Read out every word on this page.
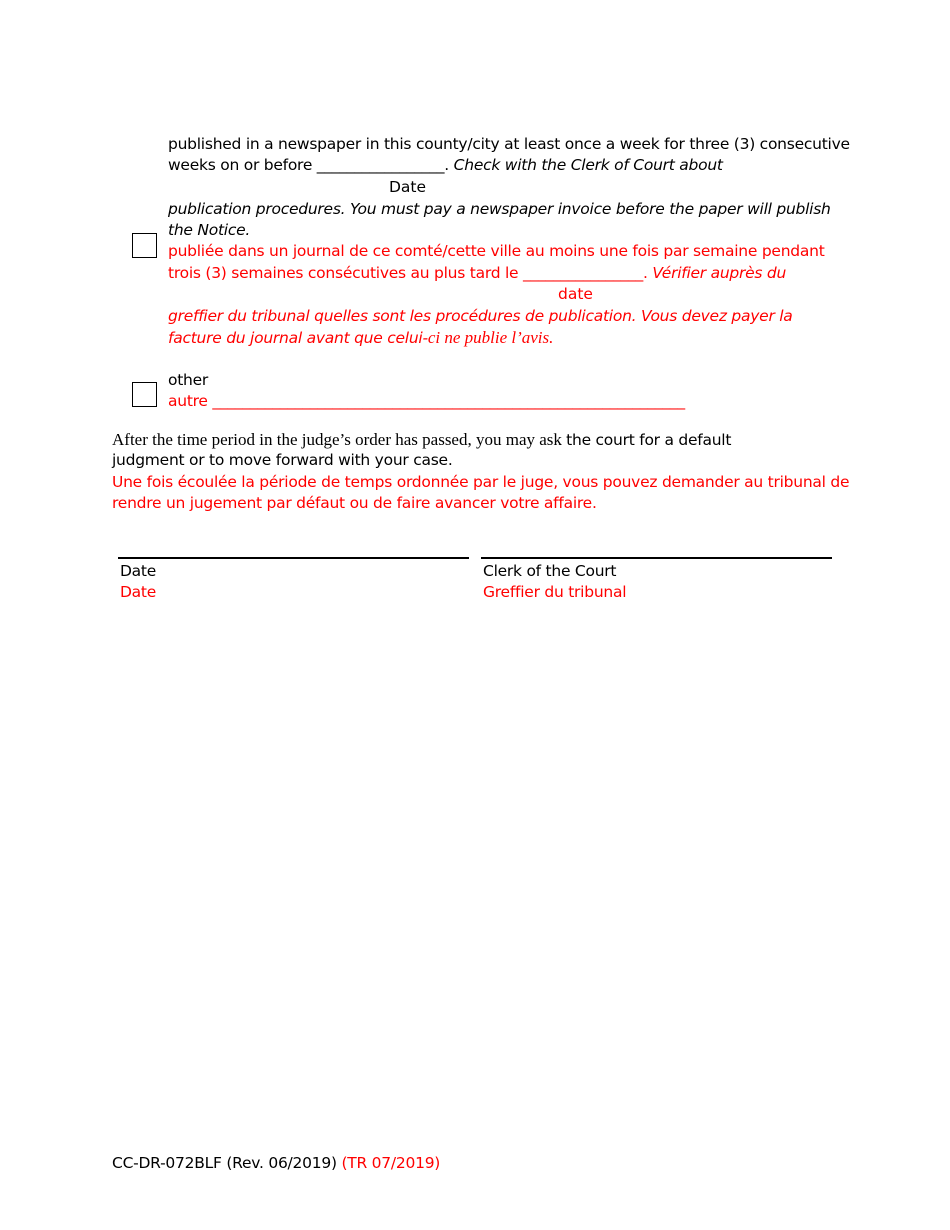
published in a newspaper in this county/city at least once a week for three (3) consecutive
weeks on or before _________________. Check with the Clerk of Court about
Date
publication procedures. You must pay a newspaper invoice before the paper will publish
the Notice.
publiée dans un journal de ce comté/cette ville au moins une fois par semaine pendant
trois (3) semaines consécutives au plus tard le ________________. Vérifier auprès du
date
greffier du tribunal quelles sont les procédures de publication. Vous devez payer la
facture du journal avant que celui-ci ne publie l’avis.
other
autre _______________________________________________________________
After the time period in the judge’s order has passed, you may ask the court for a default
judgment or to move forward with your case.
Une fois écoulée la période de temps ordonnée par le juge, vous pouvez demander au tribunal de
rendre un jugement par défaut ou de faire avancer votre affaire.
Date
Date
Clerk of the Court
Greffier du tribunal
CC-DR-072BLF (Rev. 06/2019) (TR 07/2019)
